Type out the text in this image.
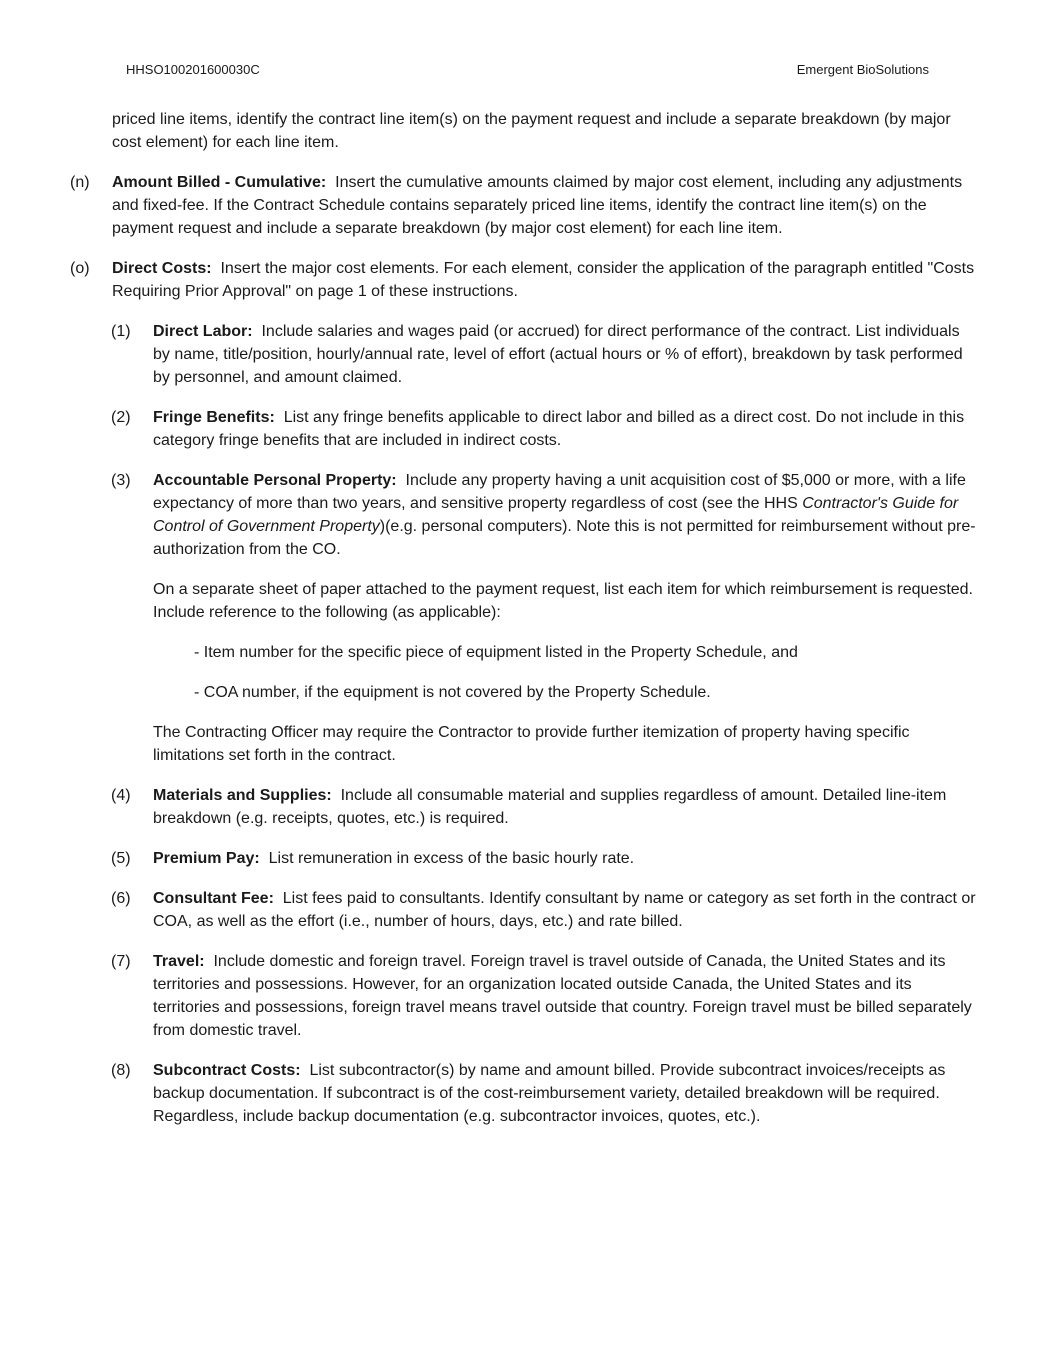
HHSO100201600030C	Emergent BioSolutions

priced line items, identify the contract line item(s) on the payment request and include a separate breakdown (by major cost element) for each line item.

(n) Amount Billed - Cumulative: Insert the cumulative amounts claimed by major cost element, including any adjustments and fixed-fee. If the Contract Schedule contains separately priced line items, identify the contract line item(s) on the payment request and include a separate breakdown (by major cost element) for each line item.
(o) Direct Costs: Insert the major cost elements. For each element, consider the application of the paragraph entitled "Costs Requiring Prior Approval" on page 1 of these instructions.
(1) Direct Labor: Include salaries and wages paid (or accrued) for direct performance of the contract. List individuals by name, title/position, hourly/annual rate, level of effort (actual hours or % of effort), breakdown by task performed by personnel, and amount claimed.
(2) Fringe Benefits: List any fringe benefits applicable to direct labor and billed as a direct cost. Do not include in this category fringe benefits that are included in indirect costs.
(3) Accountable Personal Property: Include any property having a unit acquisition cost of $5,000 or more, with a life expectancy of more than two years, and sensitive property regardless of cost (see the HHS Contractor's Guide for Control of Government Property)(e.g. personal computers). Note this is not permitted for reimbursement without pre-authorization from the CO.

On a separate sheet of paper attached to the payment request, list each item for which reimbursement is requested. Include reference to the following (as applicable):

- Item number for the specific piece of equipment listed in the Property Schedule, and

- COA number, if the equipment is not covered by the Property Schedule.

The Contracting Officer may require the Contractor to provide further itemization of property having specific limitations set forth in the contract.

(4) Materials and Supplies: Include all consumable material and supplies regardless of amount. Detailed line-item breakdown (e.g. receipts, quotes, etc.) is required.
(5) Premium Pay: List remuneration in excess of the basic hourly rate.
(6) Consultant Fee: List fees paid to consultants. Identify consultant by name or category as set forth in the contract or COA, as well as the effort (i.e., number of hours, days, etc.) and rate billed.
(7) Travel: Include domestic and foreign travel. Foreign travel is travel outside of Canada, the United States and its territories and possessions. However, for an organization located outside Canada, the United States and its territories and possessions, foreign travel means travel outside that country. Foreign travel must be billed separately from domestic travel.
(8) Subcontract Costs: List subcontractor(s) by name and amount billed. Provide subcontract invoices/receipts as backup documentation. If subcontract is of the cost-reimbursement variety, detailed breakdown will be required. Regardless, include backup documentation (e.g. subcontractor invoices, quotes, etc.).
